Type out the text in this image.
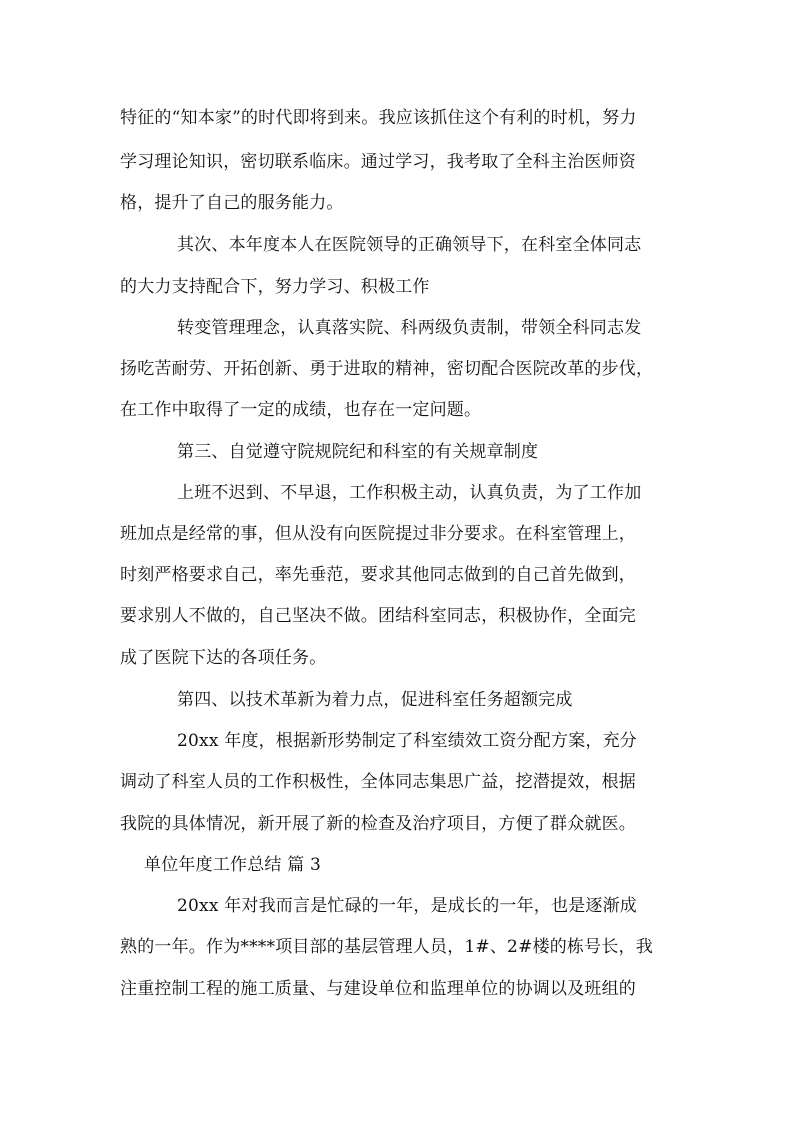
特征的“知本家”的时代即将到来。我应该抓住这个有利的时机，努力
学习理论知识，密切联系临床。通过学习，我考取了全科主治医师资
格，提升了自己的服务能力。
其次、本年度本人在医院领导的正确领导下，在科室全体同志
的大力支持配合下，努力学习、积极工作
转变管理理念，认真落实院、科两级负责制，带领全科同志发
扬吃苦耐劳、开拓创新、勇于进取的精神，密切配合医院改革的步伐，
在工作中取得了一定的成绩，也存在一定问题。
第三、自觉遵守院规院纪和科室的有关规章制度
上班不迟到、不早退，工作积极主动，认真负责，为了工作加
班加点是经常的事，但从没有向医院提过非分要求。在科室管理上，
时刻严格要求自己，率先垂范，要求其他同志做到的自己首先做到，
要求别人不做的，自己坚决不做。团结科室同志，积极协作，全面完
成了医院下达的各项任务。
第四、以技术革新为着力点，促进科室任务超额完成
20xx 年度，根据新形势制定了科室绩效工资分配方案，充分
调动了科室人员的工作积极性，全体同志集思广益，挖潜提效，根据
我院的具体情况，新开展了新的检查及治疗项目，方便了群众就医。
单位年度工作总结 篇 3
20xx 年对我而言是忙碌的一年，是成长的一年，也是逐渐成
熟的一年。作为****项目部的基层管理人员，1#、2#楼的栋号长，我
注重控制工程的施工质量、与建设单位和监理单位的协调以及班组的
